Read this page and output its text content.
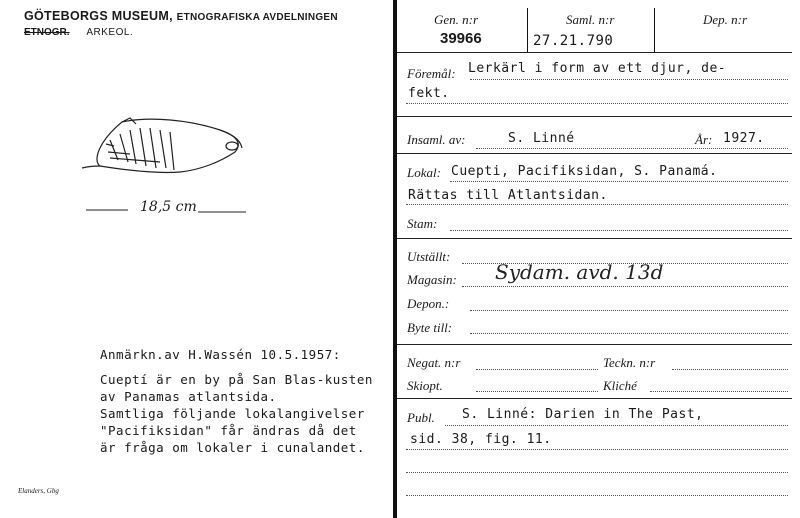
GÖTEBORGS MUSEUM, ETNOGRAFISKA AVDELNINGEN
ETNOGR. ARKEOL.
18,5 cm
Anmärkn.av H.Wassén 10.5.1957:
Cueptí är en by på San Blas-kusten
av Panamas atlantsida.
Samtliga följande lokalangivelser
"Pacifiksidan" får ändras då det
är fråga om lokaler i cunalandet.
Elanders, Gbg
Gen. n:r
39966
Saml. n:r
27.21.790
Dep. n:r
Föremål: Lerkärl i form av ett djur, de-
fekt.
Insaml. av:	S. Linné	År: 1927.
Lokal: Cuepti, Pacifiksidan, S. Panamá.
Rättas till Atlantsidan.
Stam:
Utställt:
Magasin: Sydam. avd. 13d
Depon.:
Byte till:
Negat. n:r	Teckn. n:r
Skiopt.	Kliché
Publ. S. Linné: Darien in The Past,
sid. 38, fig. 11.
